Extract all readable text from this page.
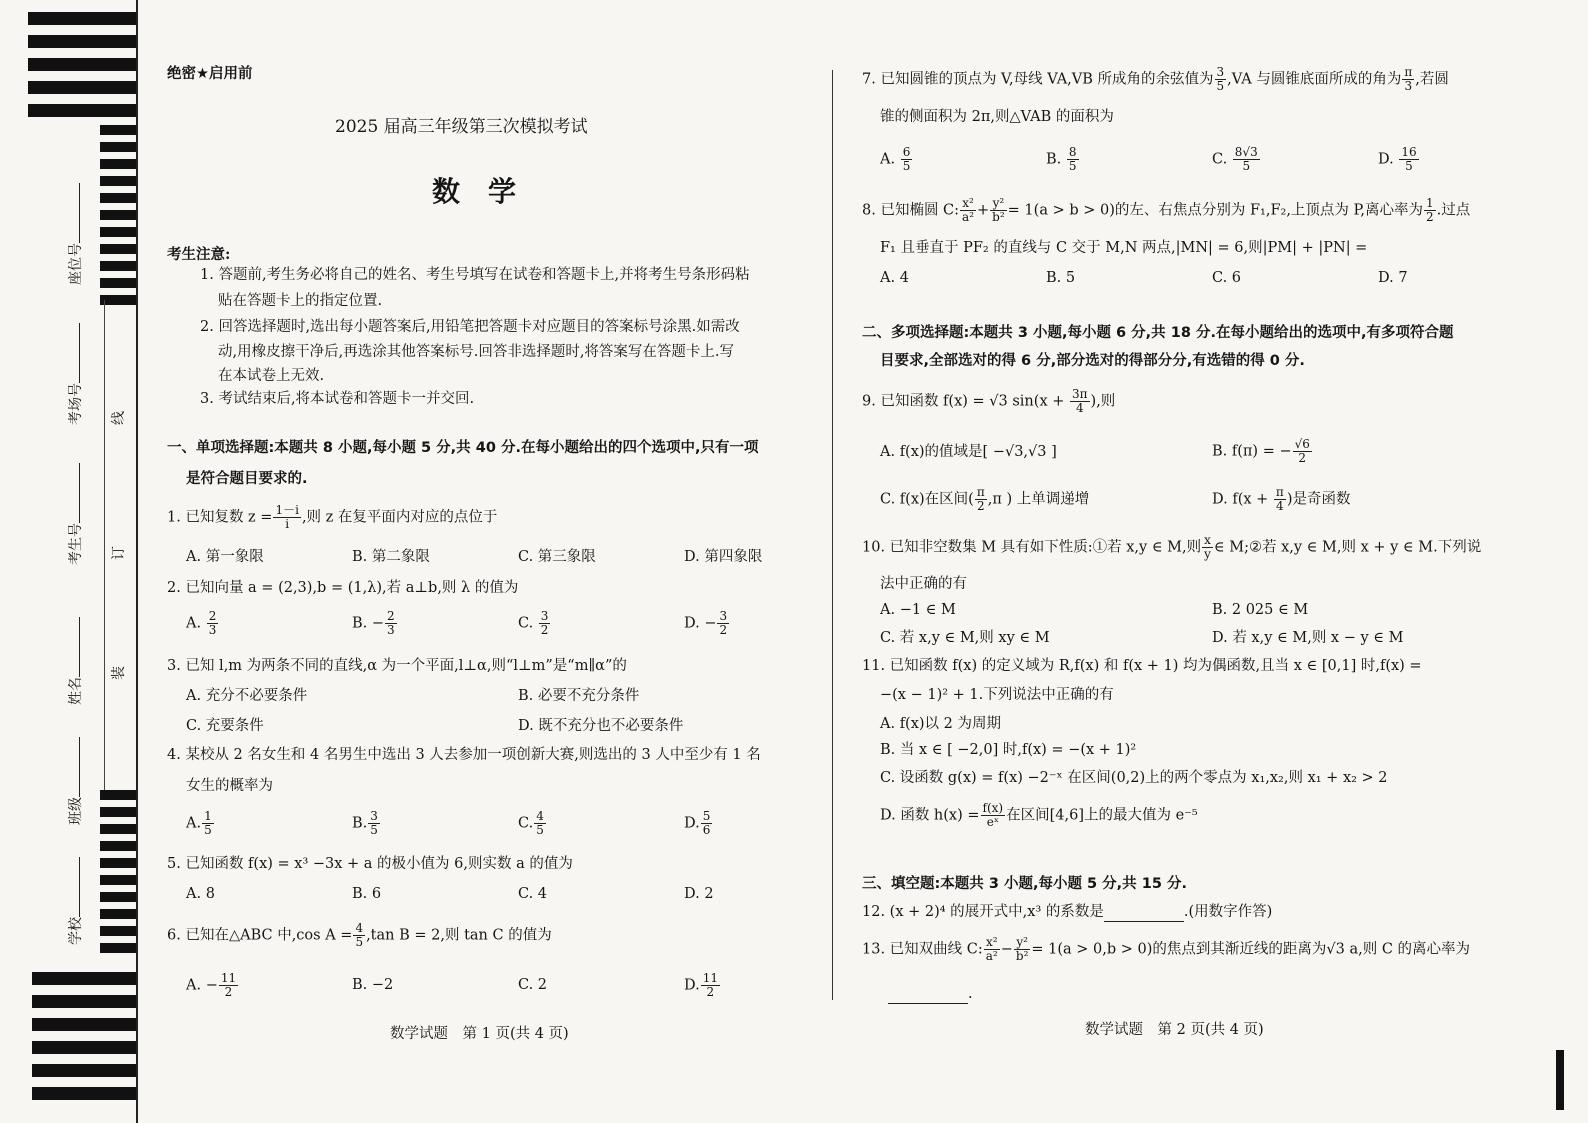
座位号
考场号
考生号
姓名
班级
学校
线
订
装
绝密★启用前
2025 届高三年级第三次模拟考试
数　学
考生注意:
1. 答题前,考生务必将自己的姓名、考生号填写在试卷和答题卡上,并将考生号条形码粘
贴在答题卡上的指定位置.
2. 回答选择题时,选出每小题答案后,用铅笔把答题卡对应题目的答案标号涂黑.如需改
动,用橡皮擦干净后,再选涂其他答案标号.回答非选择题时,将答案写在答题卡上.写
在本试卷上无效.
3. 考试结束后,将本试卷和答题卡一并交回.
一、单项选择题:本题共 8 小题,每小题 5 分,共 40 分.在每小题给出的四个选项中,只有一项
是符合题目要求的.
1. 已知复数 $z = \frac{1-i}{i}$ ,则 z 在复平面内对应的点位于
A. 第一象限	B. 第二象限	C. 第三象限	D. 第四象限
2. 已知向量 a = (2,3),b = (1,λ),若 a⊥b,则 λ 的值为
A. $\frac{2}{3}$	B. − $\frac{2}{3}$	C. $\frac{3}{2}$	D. − $\frac{3}{2}$
3. 已知 l,m 为两条不同的直线,α 为一个平面,l⊥α,则“l⊥m”是“m∥α”的
A. 充分不必要条件	B. 必要不充分条件
C. 充要条件	D. 既不充分也不必要条件
4. 某校从 2 名女生和 4 名男生中选出 3 人去参加一项创新大赛,则选出的 3 人中至少有 1 名
女生的概率为
A. $\frac{1}{5}$	B. $\frac{3}{5}$	C. $\frac{4}{5}$	D. $\frac{5}{6}$
5. 已知函数 f(x) = x³ −3x + a 的极小值为 6,则实数 a 的值为
A. 8	B. 6	C. 4	D. 2
6. 已知在△ABC 中,cos $A = \frac{4}{5} ,\tan$ B = 2,则 tan C 的值为
A. − $\frac{11}{2}$	B. −2	C. 2	D. $\frac{11}{2}$
数学试题　第 1 页(共 4 页)
7. 已知圆锥的顶点为 V,母线 VA,VB 所成角的余弦值为 $\frac{3}{5} ,VA$ 与圆锥底面所成的角为 $\frac{\pi}{3}$ ,若圆
锥的侧面积为 2π,则△VAB 的面积为
A. $\frac{6}{5}$	B. $\frac{8}{5}$	C. $\frac{8√3}{5}$	D. $\frac{16}{5}$
8. 已知椭圆 C: $\frac{\text{x²}}{\text{a²}} + \frac{\text{y²}}{\text{b²}} = 1(a > b > 0)$的左、右焦点分别为 F₁,F₂,上顶点为 P,离心率为 $\frac{1}{2}$ .过点
F₁ 且垂直于 PF₂ 的直线与 C 交于 M,N 两点,|MN| = 6,则|PM| + |PN| =
A. 4	B. 5	C. 6	D. 7
二、多项选择题:本题共 3 小题,每小题 6 分,共 18 分.在每小题给出的选项中,有多项符合题
目要求,全部选对的得 6 分,部分选对的得部分分,有选错的得 0 分.
9. 已知函数 f(x) = √3 $\sin(x + \frac{3\pi}{4}$ ),则
A. f(x)的值域是[ −√3,√3 ]	B. f(π) = − $\frac{√6}{2}$
C. f(x)在区间( $\frac{\pi}{2} ,\pi$ ) 上单调递增	D. $f(x + \frac{\pi}{4}$ )是奇函数
10. 已知非空数集 M 具有如下性质:①若 x,y ∈ M,则 $\frac{x}{y}$ ∈ M;②若 x,y ∈ M,则 x + y ∈ M.下列说
法中正确的有
A. −1 ∈ M	B. 2 025 ∈ M
C. 若 x,y ∈ M,则 xy ∈ M	D. 若 x,y ∈ M,则 x − y ∈ M
11. 已知函数 f(x) 的定义域为 R,f(x) 和 f(x + 1) 均为偶函数,且当 x ∈ [0,1] 时,f(x) =
−(x − 1)² + 1.下列说法中正确的有
A. f(x)以 2 为周期
B. 当 x ∈ [ −2,0] 时,f(x) = −(x + 1)²
C. 设函数 g(x) = f(x) −2⁻ˣ 在区间(0,2)上的两个零点为 x₁,x₂,则 x₁ + x₂ > 2
D. 函数 $h(x) = \frac{f(x)}{\text{eˣ}}$ 在区间[4,6]上的最大值为 e⁻⁵
三、填空题:本题共 3 小题,每小题 5 分,共 15 分.
12. (x + 2)⁴ 的展开式中,x³ 的系数是	.(用数字作答)
13. 已知双曲线 C: $\frac{\text{x²}}{\text{a²}} - \frac{\text{y²}}{\text{b²}} = 1(a > 0,b > 0)$的焦点到其渐近线的距离为√3 a,则 C 的离心率为
.
数学试题　第 2 页(共 4 页)
